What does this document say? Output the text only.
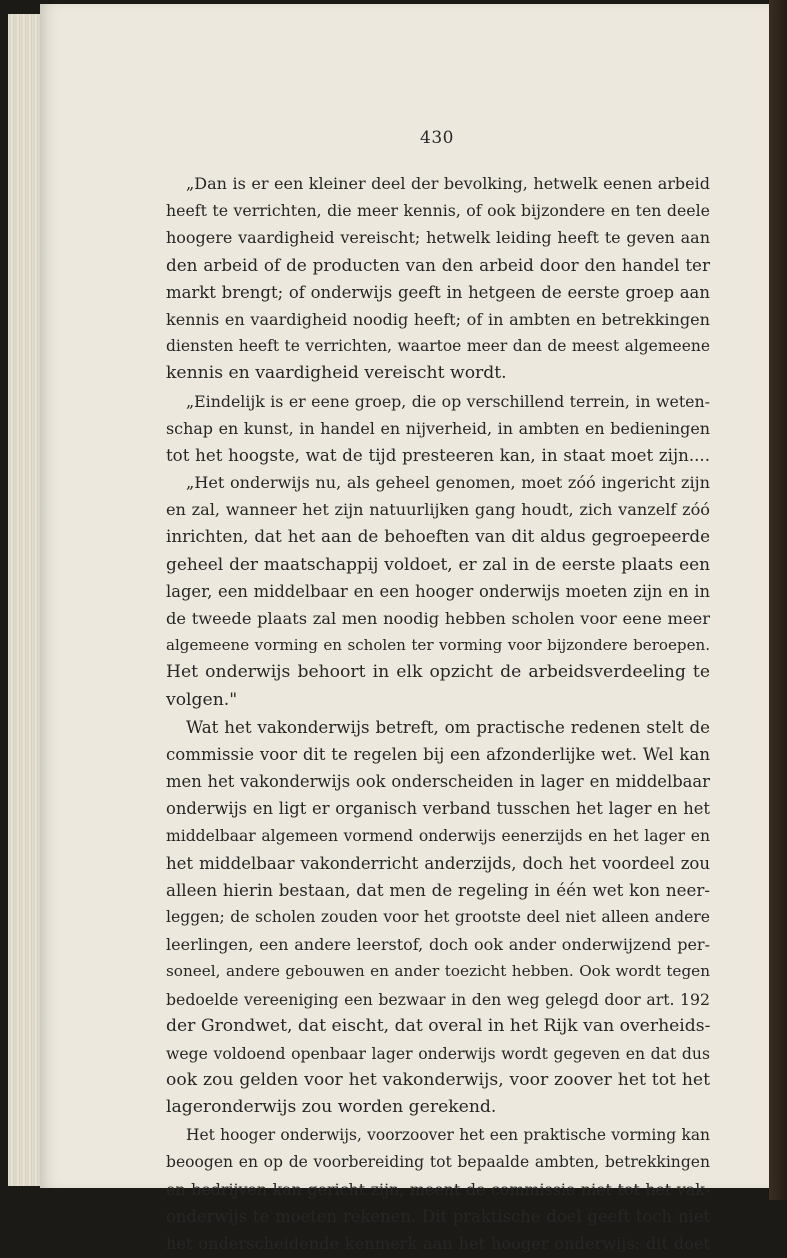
430
„Dan is er een kleiner deel der bevolking, hetwelk eenen arbeid
heeft te verrichten, die meer kennis, of ook bijzondere en ten deele
hoogere vaardigheid vereischt; hetwelk leiding heeft te geven aan
den arbeid of de producten van den arbeid door den handel ter
markt brengt; of onderwijs geeft in hetgeen de eerste groep aan
kennis en vaardigheid noodig heeft; of in ambten en betrekkingen
diensten heeft te verrichten, waartoe meer dan de meest algemeene
kennis en vaardigheid vereischt wordt.
„Eindelijk is er eene groep, die op verschillend terrein, in weten-
schap en kunst, in handel en nijverheid, in ambten en bedieningen
tot het hoogste, wat de tijd presteeren kan, in staat moet zijn....
„Het onderwijs nu, als geheel genomen, moet zóó ingericht zijn
en zal, wanneer het zijn natuurlijken gang houdt, zich vanzelf zóó
inrichten, dat het aan de behoeften van dit aldus gegroepeerde
geheel der maatschappij voldoet, er zal in de eerste plaats een
lager, een middelbaar en een hooger onderwijs moeten zijn en in
de tweede plaats zal men noodig hebben scholen voor eene meer
algemeene vorming en scholen ter vorming voor bijzondere beroepen.
Het onderwijs behoort in elk opzicht de arbeidsverdeeling te
volgen."
Wat het vakonderwijs betreft, om practische redenen stelt de
commissie voor dit te regelen bij een afzonderlijke wet. Wel kan
men het vakonderwijs ook onderscheiden in lager en middelbaar
onderwijs en ligt er organisch verband tusschen het lager en het
middelbaar algemeen vormend onderwijs eenerzijds en het lager en
het middelbaar vakonderricht anderzijds, doch het voordeel zou
alleen hierin bestaan, dat men de regeling in één wet kon neer-
leggen; de scholen zouden voor het grootste deel niet alleen andere
leerlingen, een andere leerstof, doch ook ander onderwijzend per-
soneel, andere gebouwen en ander toezicht hebben. Ook wordt tegen
bedoelde vereeniging een bezwaar in den weg gelegd door art. 192
der Grondwet, dat eischt, dat overal in het Rijk van overheids-
wege voldoend openbaar lager onderwijs wordt gegeven en dat dus
ook zou gelden voor het vakonderwijs, voor zoover het tot het
lageronderwijs zou worden gerekend.
Het hooger onderwijs, voorzoover het een praktische vorming kan
beoogen en op de voorbereiding tot bepaalde ambten, betrekkingen
en bedrijven kan gericht zijn, meent de commissie niet tot het vak-
onderwijs te moeten rekenen. Dit praktische doel geeft toch niet
het onderscheidende kenmerk aan het hooger onderwijs: dit doet
